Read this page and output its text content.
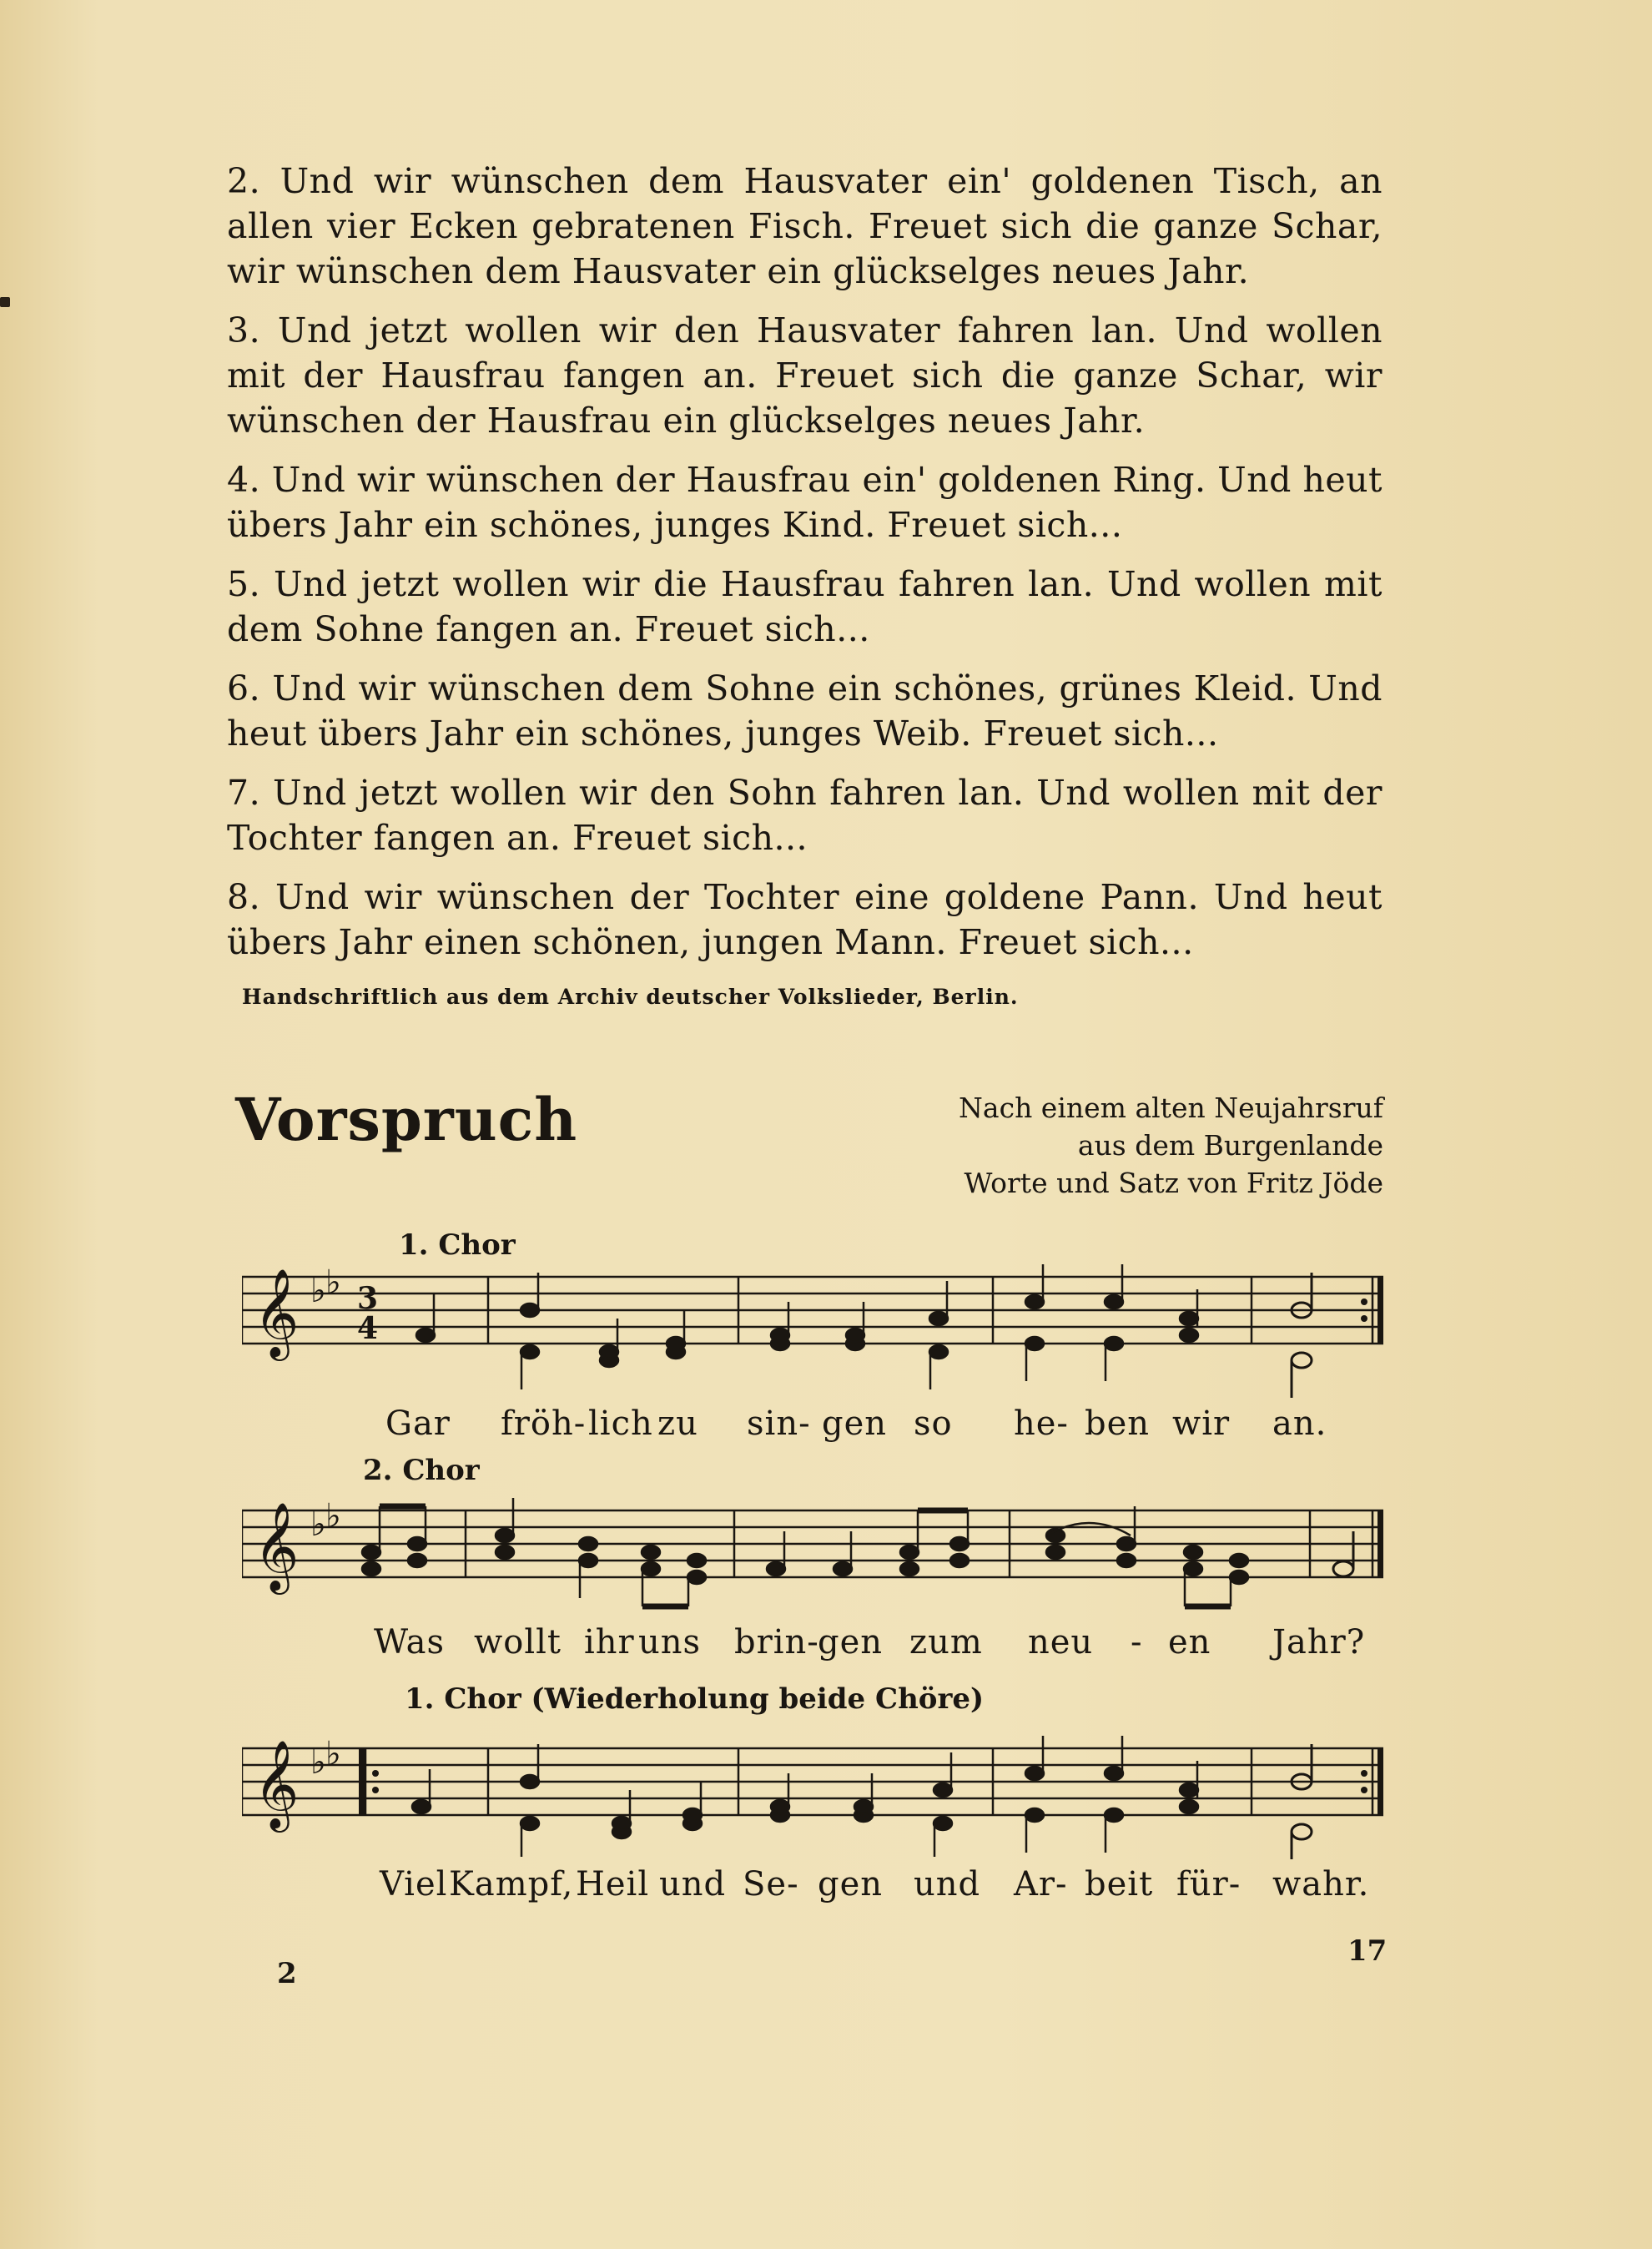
2. Und wir wünschen dem Hausvater ein' goldenen Tisch, an allen vier Ecken gebratenen Fisch. Freuet sich die ganze Schar, wir wünschen dem Hausvater ein glückselges neues Jahr.

3. Und jetzt wollen wir den Hausvater fahren lan. Und wollen mit der Hausfrau fangen an. Freuet sich die ganze Schar, wir wünschen der Hausfrau ein glückselges neues Jahr.

4. Und wir wünschen der Hausfrau ein' goldenen Ring. Und heut übers Jahr ein schönes, junges Kind. Freuet sich...

5. Und jetzt wollen wir die Hausfrau fahren lan. Und wollen mit dem Sohne fangen an. Freuet sich...

6. Und wir wünschen dem Sohne ein schönes, grünes Kleid. Und heut übers Jahr ein schönes, junges Weib. Freuet sich...

7. Und jetzt wollen wir den Sohn fahren lan. Und wollen mit der Tochter fangen an. Freuet sich...

8. Und wir wünschen der Tochter eine goldene Pann. Und heut übers Jahr einen schönen, jungen Mann. Freuet sich...

Handschriftlich aus dem Archiv deutscher Volkslieder, Berlin.
Vorspruch	Nach einem alten Neujahrsruf
aus dem Burgenlande
Worte und Satz von Fritz Jöde
1. Chor
𝄞 ♭ ♭ 3
4
Gar fröh- lich zu sin- gen so he- ben wir an.
2. Chor
𝄞 ♭ ♭
Was wollt ihr uns brin-
gen zum neu - en Jahr?
1. Chor (Wiederholung beide Chöre)
𝄞 ♭ ♭
Viel Kampf, Heil und Se- gen und Ar- beit für- wahr.
2
17
